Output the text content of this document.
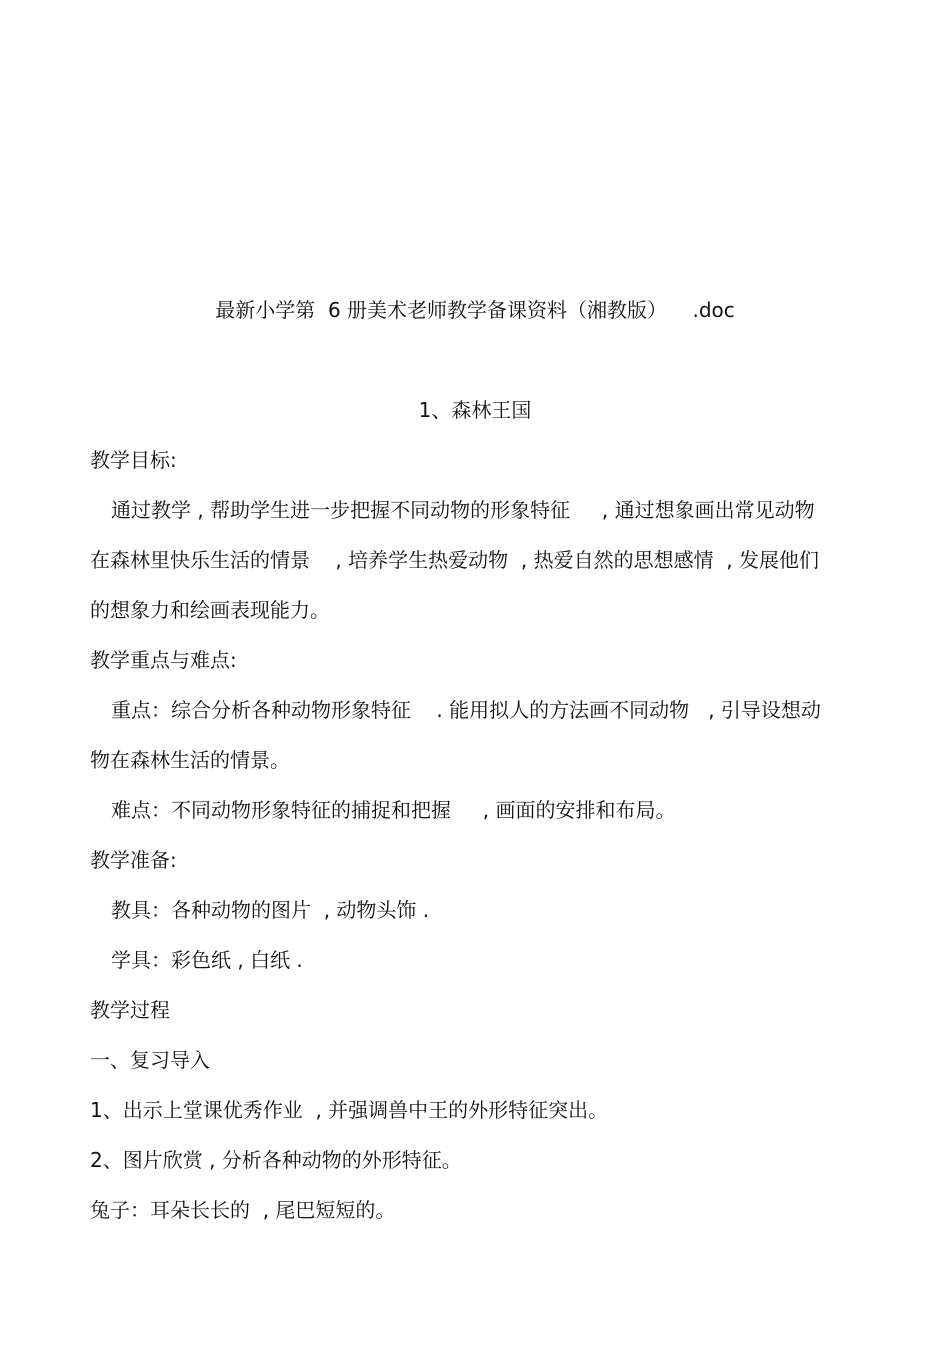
最新小学第  6 册美术老师教学备课资料（湘教版）    .doc
1、森林王国
教学目标:
通过教学 , 帮助学生进一步把握不同动物的形象特征     , 通过想象画出常见动物
在森林里快乐生活的情景    , 培养学生热爱动物  , 热爱自然的思想感情  , 发展他们
的想象力和绘画表现能力。
教学重点与难点:
重点：综合分析各种动物形象特征    . 能用拟人的方法画不同动物   , 引导设想动
物在森林生活的情景。
难点：不同动物形象特征的捕捉和把握     , 画面的安排和布局。
教学准备:
教具：各种动物的图片  , 动物头饰 .
学具：彩色纸 , 白纸 .
教学过程
一、复习导入
1、出示上堂课优秀作业  , 并强调兽中王的外形特征突出。
2、图片欣赏 , 分析各种动物的外形特征。
兔子：耳朵长长的  , 尾巴短短的。
